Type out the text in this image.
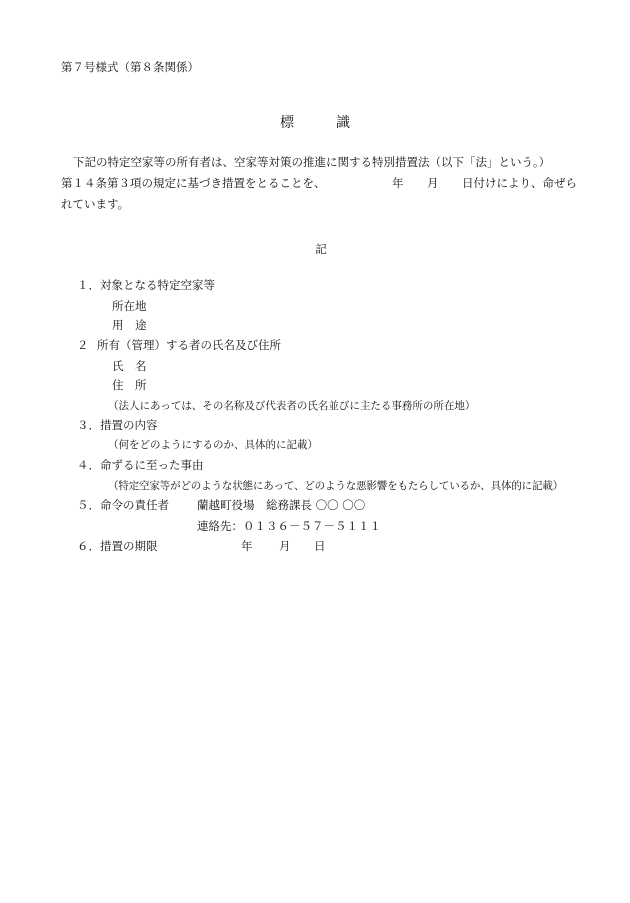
第７号様式（第８条関係）
標	識
下記の特定空家等の所有者は、空家等対策の推進に関する特別措置法（以下「法」という。）
第１４条第３項の規定に基づき措置をとることを、	年 月 日付けにより、命ぜら
れています。
記
１． 対象となる特定空家等
所在地
用　途
２ 所有（管理）する者の氏名及び住所
氏　名
住　所
（法人にあっては、その名称及び代表者の氏名並びに主たる事務所の所在地）
３． 措置の内容
（何をどのようにするのか、具体的に記載）
４． 命ずるに至った事由
（特定空家等がどのような状態にあって、どのような悪影響をもたらしているか、具体的に記載）
５． 命令の責任者 蘭越町役場　総務課長 〇〇 〇〇
連絡先：０１３６－５７－５１１１
６． 措置の期限	年 月 日
